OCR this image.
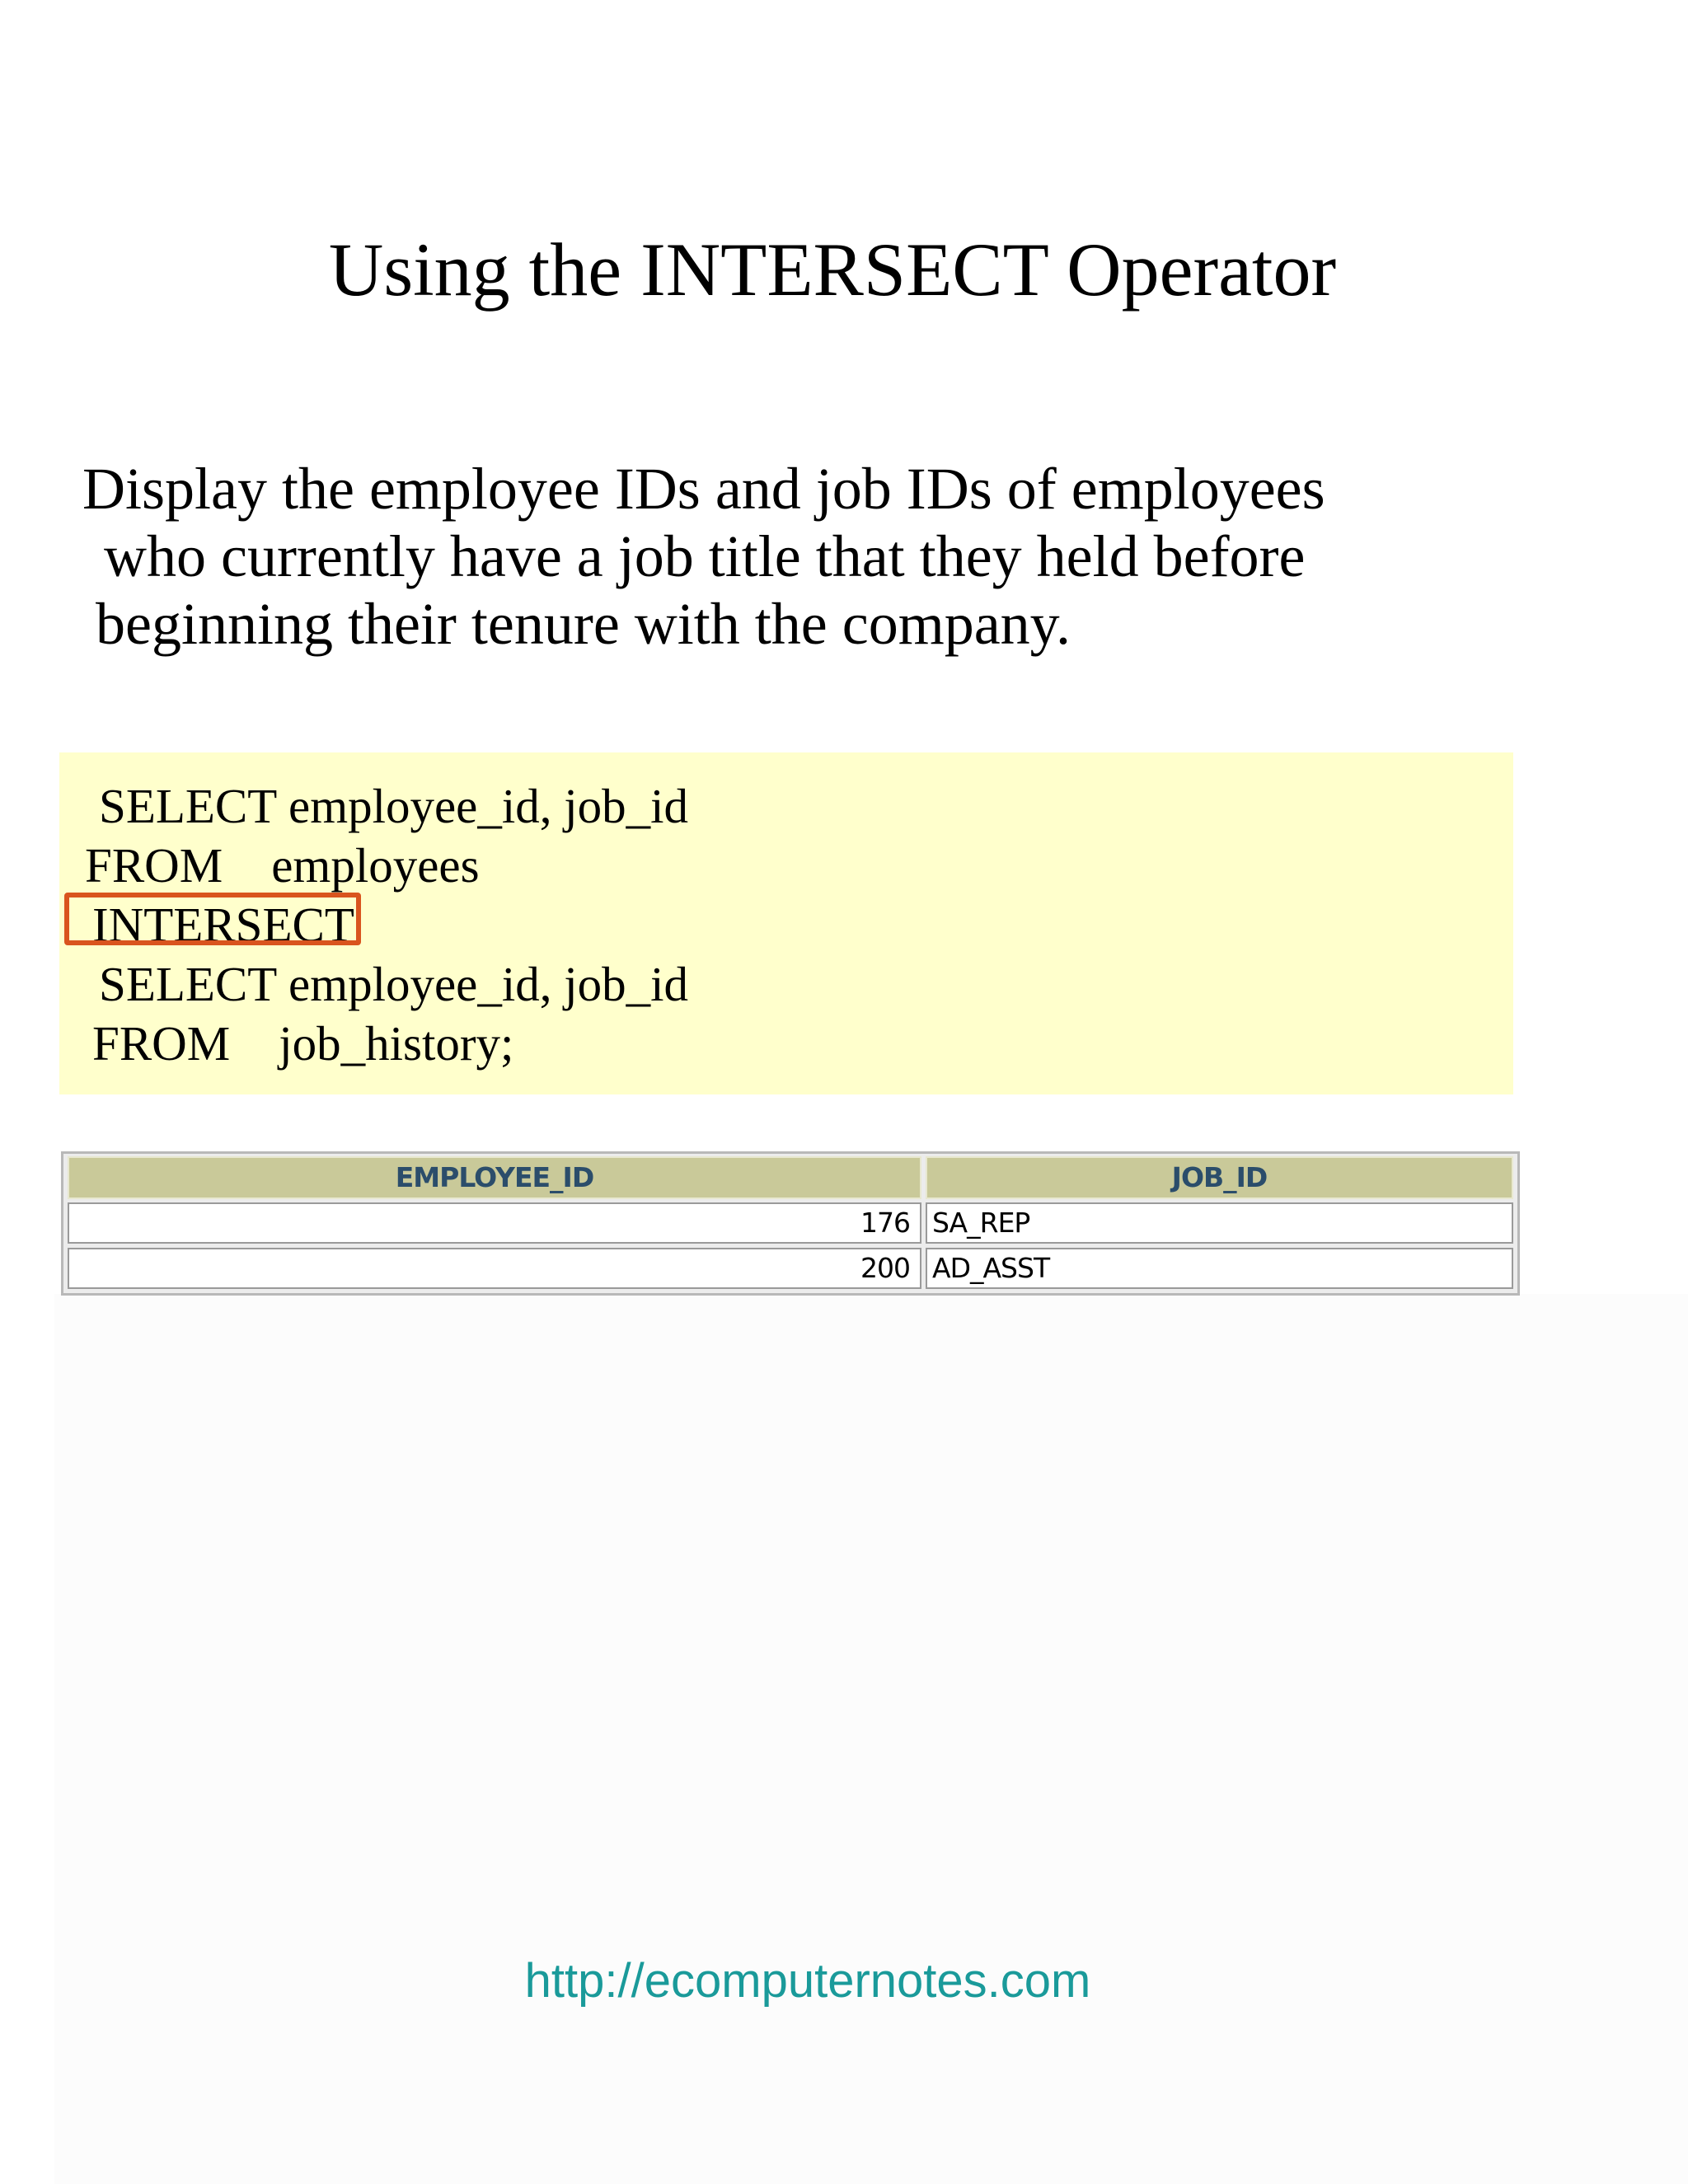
Using the INTERSECT Operator
Display the employee IDs and job IDs of employees
who currently have a job title that they held before
beginning their tenure with the company.
SELECT employee_id, job_id
FROM    employees
INTERSECT
SELECT employee_id, job_id
FROM    job_history;
EMPLOYEE_ID	JOB_ID
176 SA_REP
200 AD_ASST
http://ecomputernotes.com
